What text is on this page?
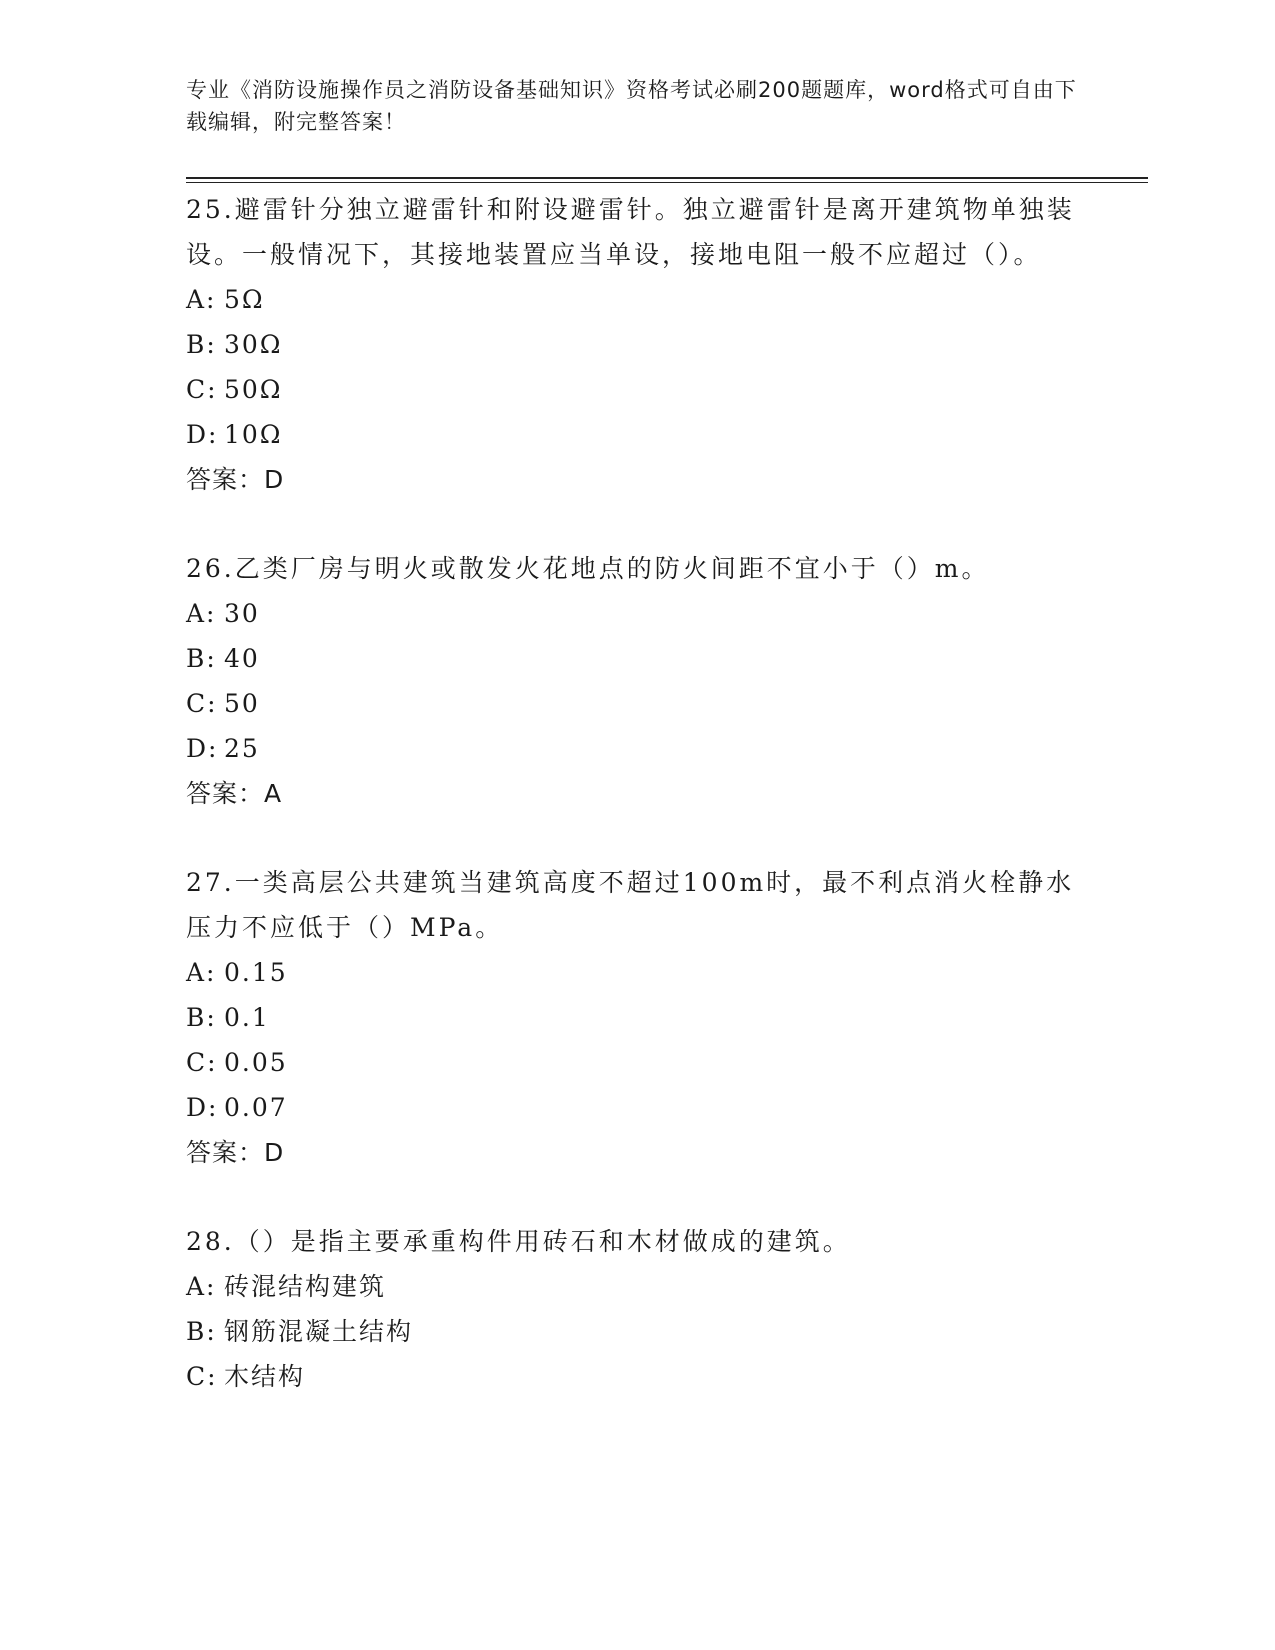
专业《消防设施操作员之消防设备基础知识》资格考试必刷200题题库，word格式可自由下载编辑，附完整答案！

25.避雷针分独立避雷针和附设避雷针。独立避雷针是离开建筑物单独装设。一般情况下，其接地装置应当单设，接地电阻一般不应超过（）。

A: 5Ω
B: 30Ω
C: 50Ω
D: 10Ω
答案：D

26.乙类厂房与明火或散发火花地点的防火间距不宜小于（）m。

A: 30
B: 40
C: 50
D: 25
答案：A

27.一类高层公共建筑当建筑高度不超过100m时，最不利点消火栓静水压力不应低于（）MPa。

A: 0.15
B: 0.1
C: 0.05
D: 0.07
答案：D

28.（）是指主要承重构件用砖石和木材做成的建筑。

A: 砖混结构建筑
B: 钢筋混凝土结构
C: 木结构
